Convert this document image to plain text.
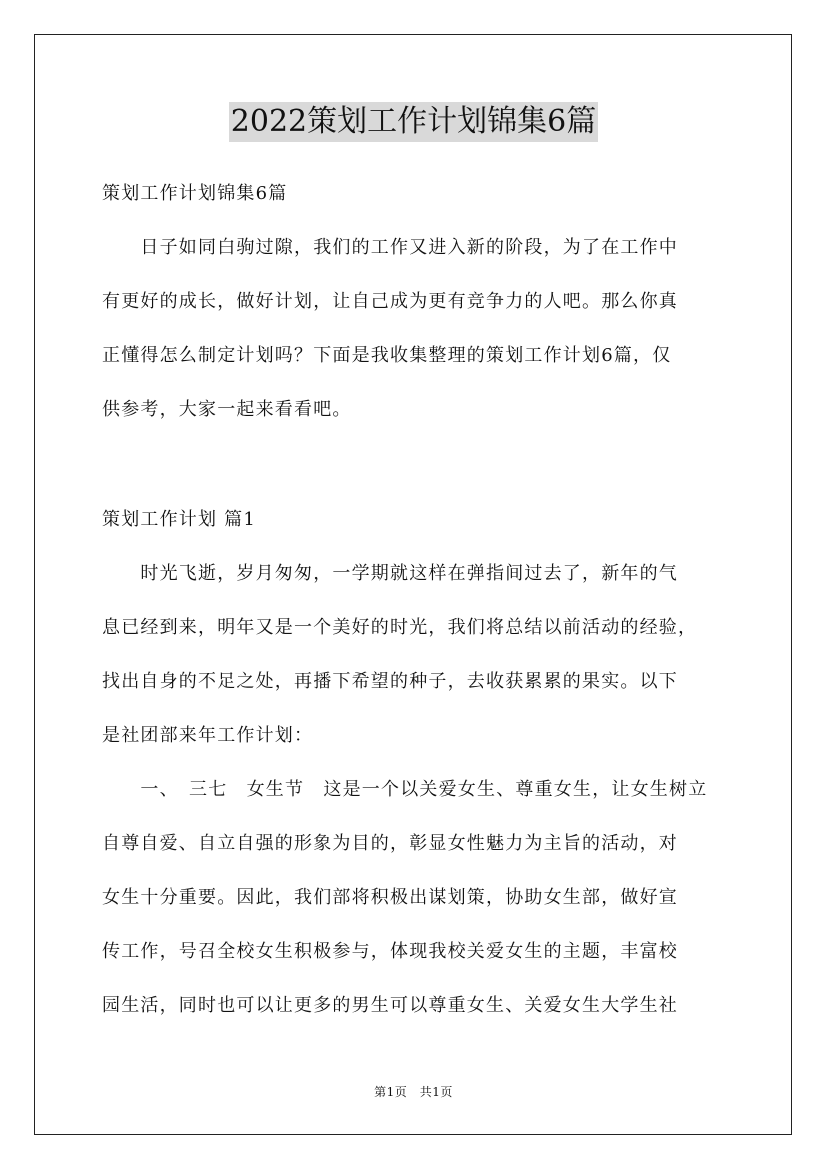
2022策划工作计划锦集6篇
策划工作计划锦集6篇
　　日子如同白驹过隙，我们的工作又进入新的阶段，为了在工作中
有更好的成长，做好计划，让自己成为更有竞争力的人吧。那么你真
正懂得怎么制定计划吗？下面是我收集整理的策划工作计划6篇，仅
供参考，大家一起来看看吧。
策划工作计划 篇1
　　时光飞逝，岁月匆匆，一学期就这样在弹指间过去了，新年的气
息已经到来，明年又是一个美好的时光，我们将总结以前活动的经验，
找出自身的不足之处，再播下希望的种子，去收获累累的果实。以下
是社团部来年工作计划：
　　一、　三七　女生节　这是一个以关爱女生、尊重女生，让女生树立
自尊自爱、自立自强的形象为目的，彰显女性魅力为主旨的活动，对
女生十分重要。因此，我们部将积极出谋划策，协助女生部，做好宣
传工作，号召全校女生积极参与，体现我校关爱女生的主题，丰富校
园生活，同时也可以让更多的男生可以尊重女生、关爱女生大学生社
第1页　共1页
